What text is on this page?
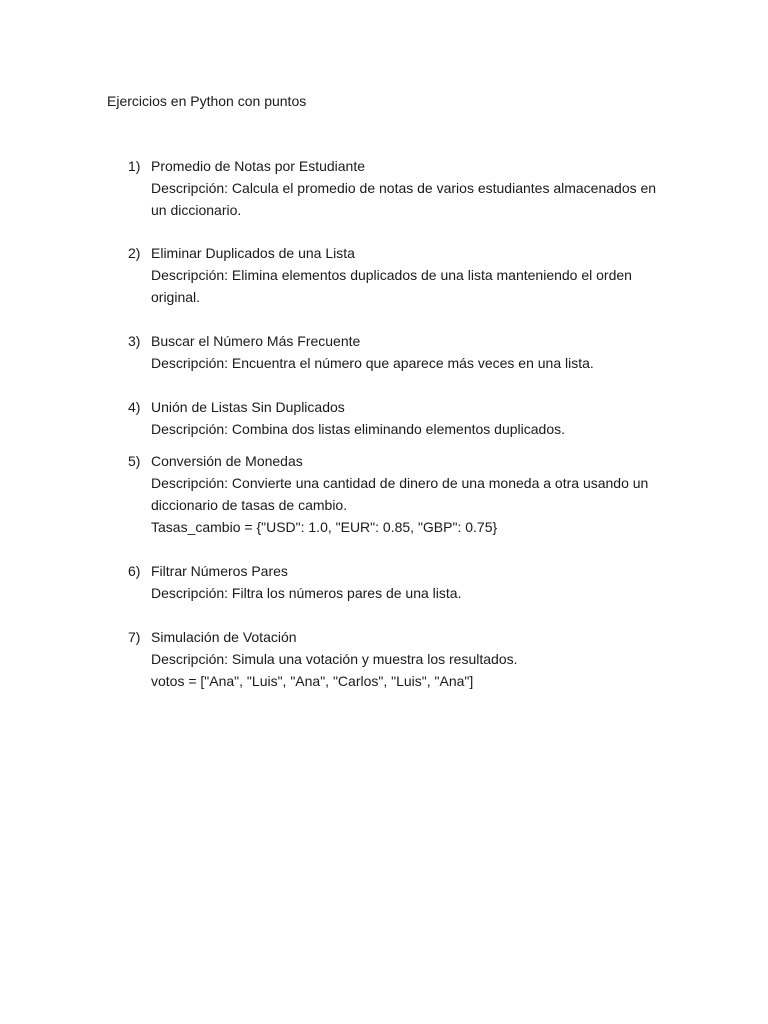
Ejercicios en Python con puntos
1) Promedio de Notas por Estudiante
Descripción: Calcula el promedio de notas de varios estudiantes almacenados en un diccionario.
2) Eliminar Duplicados de una Lista
Descripción: Elimina elementos duplicados de una lista manteniendo el orden original.
3) Buscar el Número Más Frecuente
Descripción: Encuentra el número que aparece más veces en una lista.
4) Unión de Listas Sin Duplicados
Descripción: Combina dos listas eliminando elementos duplicados.
5) Conversión de Monedas
Descripción: Convierte una cantidad de dinero de una moneda a otra usando un diccionario de tasas de cambio.
Tasas_cambio = {"USD": 1.0, "EUR": 0.85, "GBP": 0.75}
6) Filtrar Números Pares
Descripción: Filtra los números pares de una lista.
7) Simulación de Votación
Descripción: Simula una votación y muestra los resultados.
votos = ["Ana", "Luis", "Ana", "Carlos", "Luis", "Ana"]
